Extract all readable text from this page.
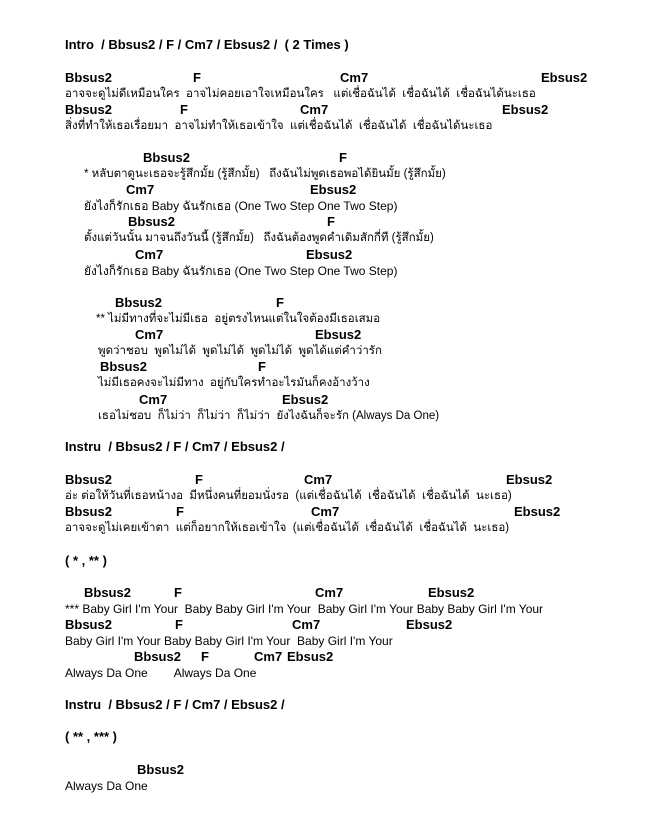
Intro  / Bbsus2 / F / Cm7 / Ebsus2 /  ( 2 Times )
Bbsus2	F	Cm7	Ebsus2
อาจจะดูไม่ดีเหมือนใคร  อาจไม่คอยเอาใจเหมือนใคร   แต่เชื่อฉันได้  เชื่อฉันได้  เชื่อฉันได้นะเธอ
Bbsus2	F	Cm7	Ebsus2
สิ่งที่ทำให้เธอเรื่อยมา  อาจไม่ทำให้เธอเข้าใจ  แต่เชื่อฉันได้  เชื่อฉันได้  เชื่อฉันได้นะเธอ
Bbsus2	F
* หลับตาดูนะเธอจะรู้สึกมั้ย (รู้สึกมั้ย)   ถึงฉันไม่พูดเธอพอได้ยินมั้ย (รู้สึกมั้ย)
Cm7	Ebsus2
ยังไงก็รักเธอ Baby ฉันรักเธอ (One Two Step One Two Step)
Bbsus2	F
ตั้งแต่วันนั้น มาจนถึงวันนี้ (รู้สึกมั้ย)   ถึงฉันต้องพูดคำเดิมสักกี่ที (รู้สึกมั้ย)
Cm7	Ebsus2
ยังไงก็รักเธอ Baby ฉันรักเธอ (One Two Step One Two Step)
Bbsus2	F
** ไม่มีทางที่จะไม่มีเธอ  อยู่ตรงไหนแต่ในใจต้องมีเธอเสมอ
Cm7	Ebsus2
พูดว่าชอบ  พูดไม่ได้  พูดไม่ได้  พูดไม่ได้  พูดได้แต่คำว่ารัก
Bbsus2	F
ไม่มีเธอคงจะไม่มีทาง  อยู่กับใครทำอะไรมันก็คงอ้างว้าง
Cm7	Ebsus2
เธอไม่ชอบ  ก็ไม่ว่า  ก็ไม่ว่า  ก็ไม่ว่า  ยังไงฉันก็จะรัก (Always Da One)
Instru  / Bbsus2 / F / Cm7 / Ebsus2 /
Bbsus2	F	Cm7	Ebsus2
อ่ะ ต่อให้วันที่เธอหน้างอ  มีหนึ่งคนที่ยอมนั่งรอ  (แต่เชื่อฉันได้  เชื่อฉันได้  เชื่อฉันได้  นะเธอ)
Bbsus2	F	Cm7	Ebsus2
อาจจะดูไม่เคยเข้าตา  แต่ก็อยากให้เธอเข้าใจ  (แต่เชื่อฉันได้  เชื่อฉันได้  เชื่อฉันได้  นะเธอ)
( * , ** )
Bbsus2	F	Cm7	Ebsus2
*** Baby Girl I'm Your  Baby Baby Girl I'm Your  Baby Girl I'm Your Baby Baby Girl I'm Your
Bbsus2	F	Cm7	Ebsus2
Baby Girl I'm Your Baby Baby Girl I'm Your  Baby Girl I'm Your
Bbsus2 F	Cm7 Ebsus2
Always Da One        Always Da One
Instru  / Bbsus2 / F / Cm7 / Ebsus2 /
( ** , *** )
Bbsus2
Always Da One
